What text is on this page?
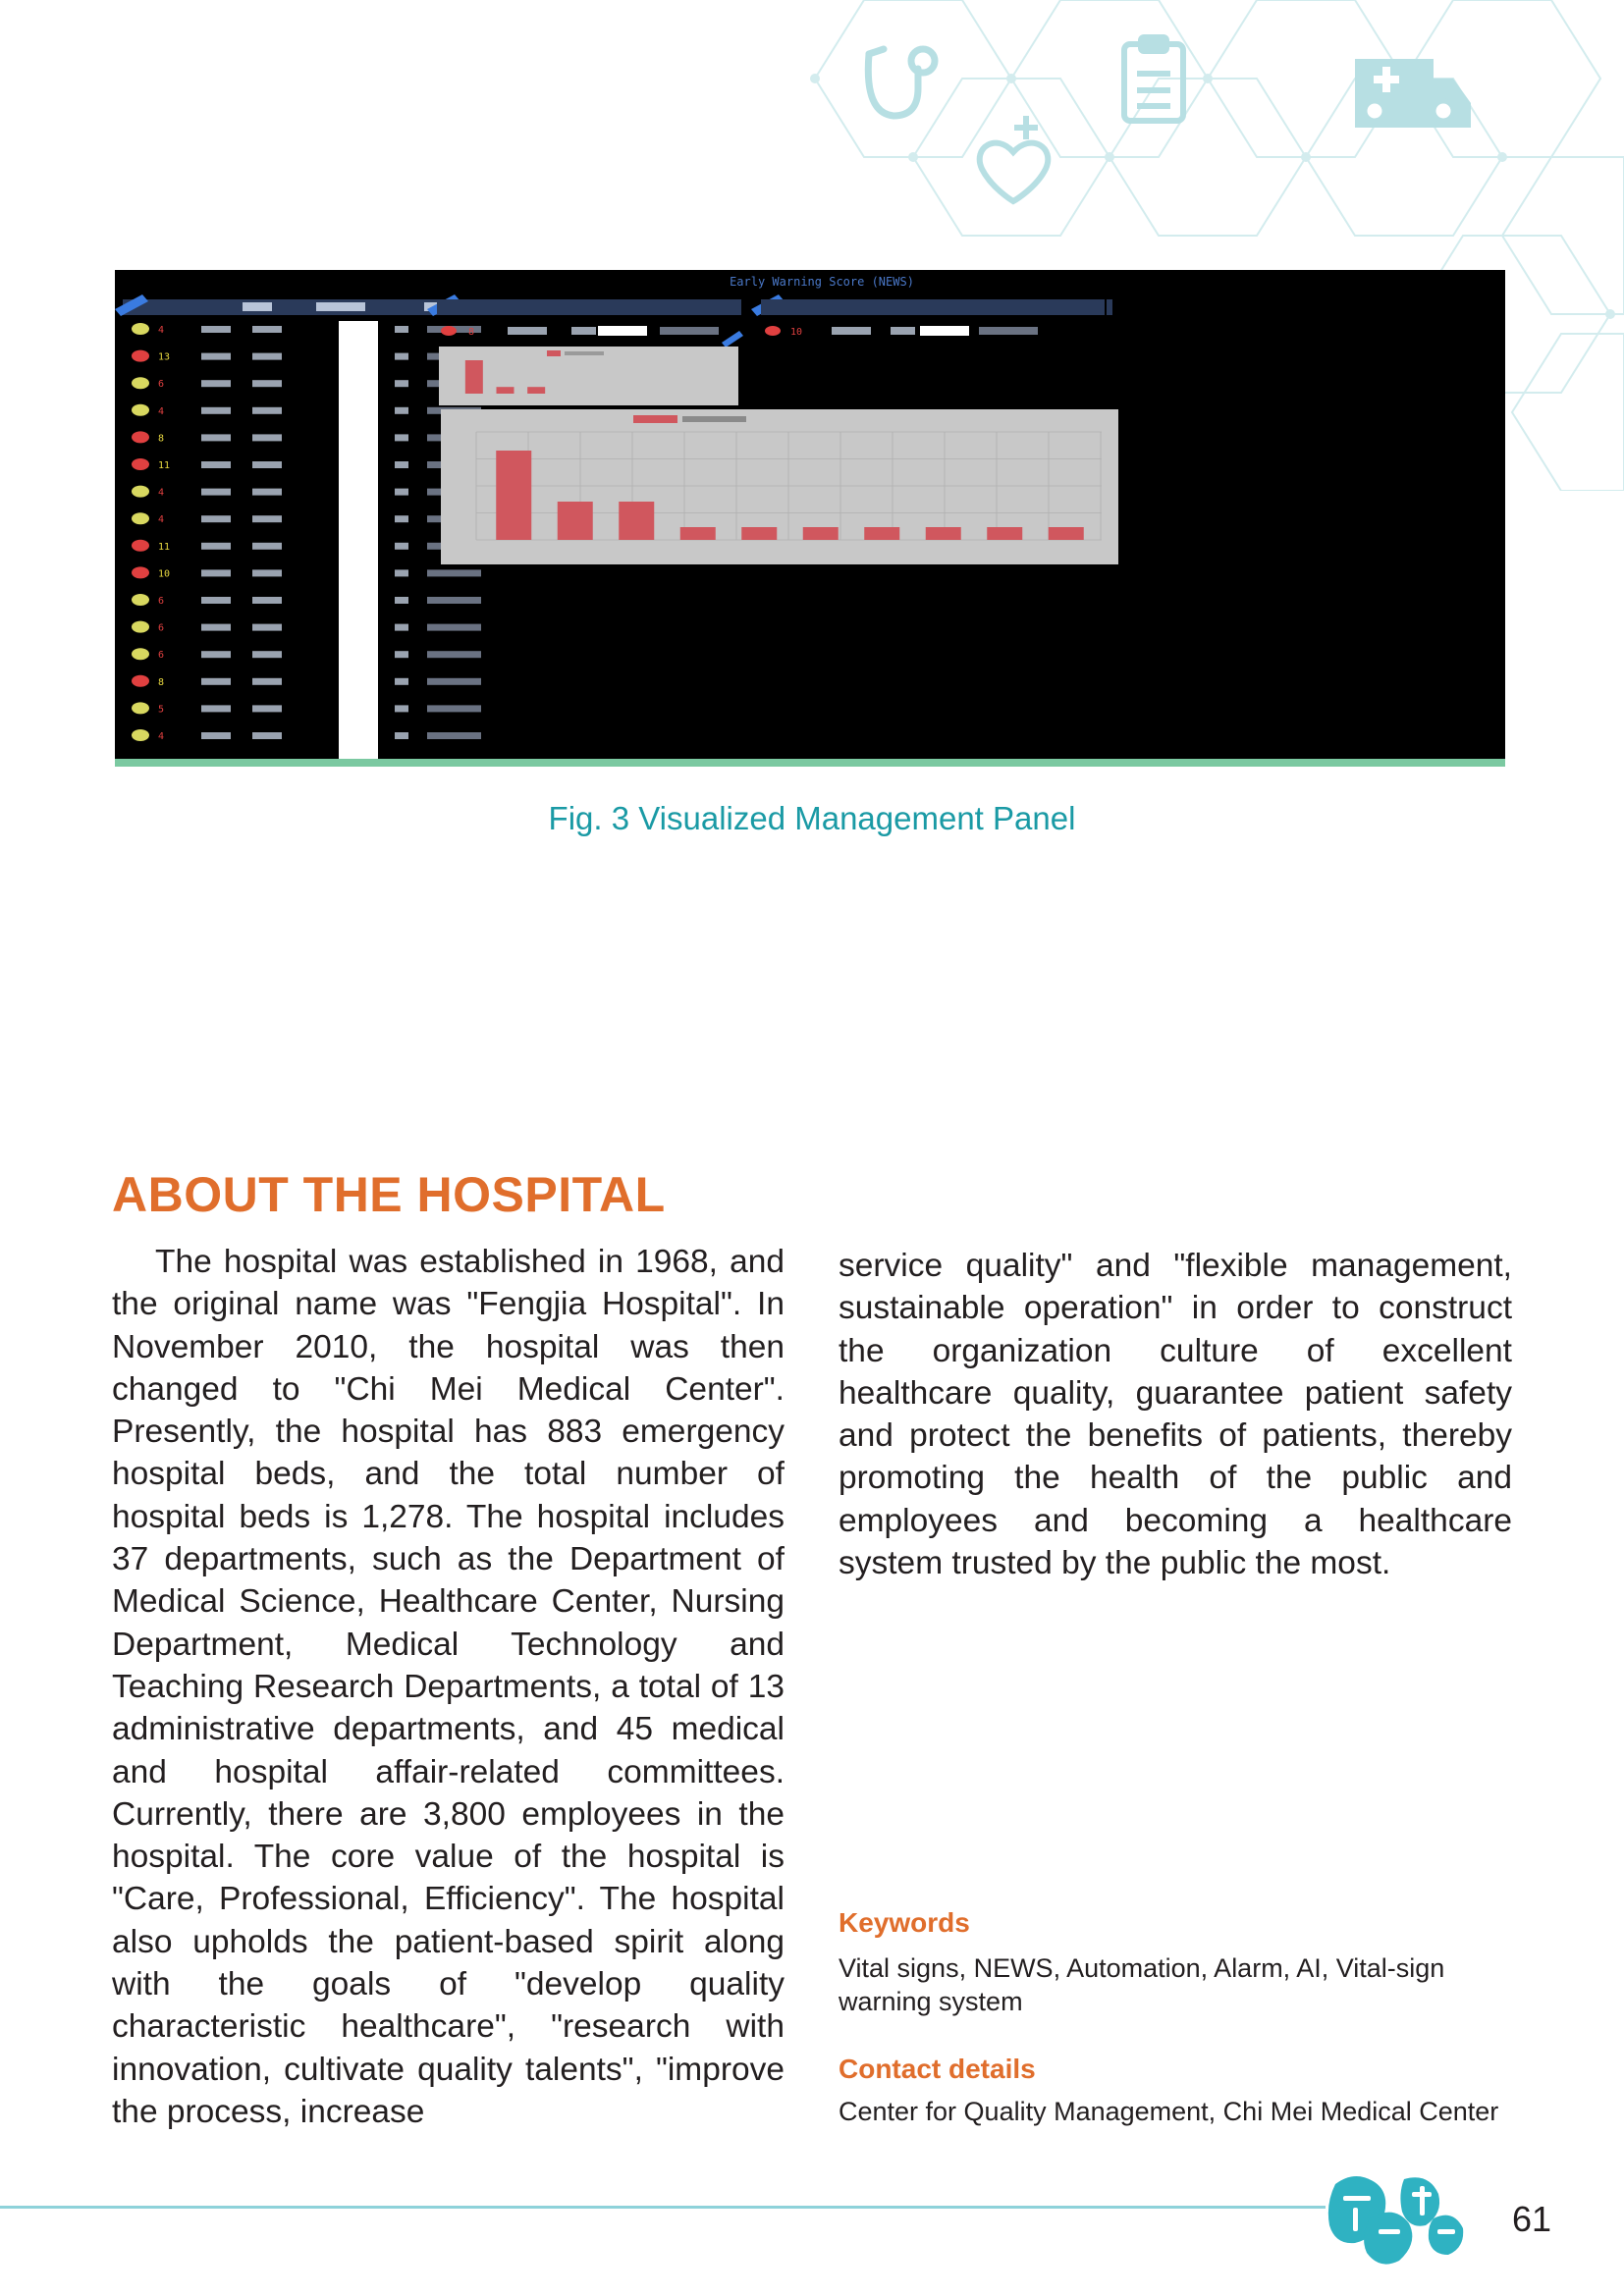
Early Warning Score (NEWS)
4
13
6
4
8
11
4
4
11
10
6
6
6
8
5
4
8	10
Fig. 3 Visualized Management Panel
ABOUT THE HOSPITAL
The hospital was established in 1968, and the original name was "Fengjia Hospital". In November 2010, the hospital was then changed to "Chi Mei Medical Center". Presently, the hospital has 883 emergency hospital beds, and the total number of hospital beds is 1,278. The hospital includes 37 departments, such as the Department of Medical Science, Healthcare Center, Nursing Department, Medical Technology and Teaching Research Departments, a total of 13 administrative departments, and 45 medical and hospital affair-related committees. Currently, there are 3,800 employees in the hospital. The core value of the hospital is "Care, Professional, Efficiency". The hospital also upholds the patient-based spirit along with the goals of "develop quality characteristic healthcare", "research with innovation, cultivate quality talents", "improve the process, increase
service quality" and "flexible management, sustainable operation" in order to construct the organization culture of excellent healthcare quality, guarantee patient safety and protect the benefits of patients, thereby promoting the health of the public and employees and becoming a healthcare system trusted by the public the most.
Keywords
Vital signs, NEWS, Automation, Alarm, AI, Vital-sign warning system
Contact details
Center for Quality Management, Chi Mei Medical Center
61
